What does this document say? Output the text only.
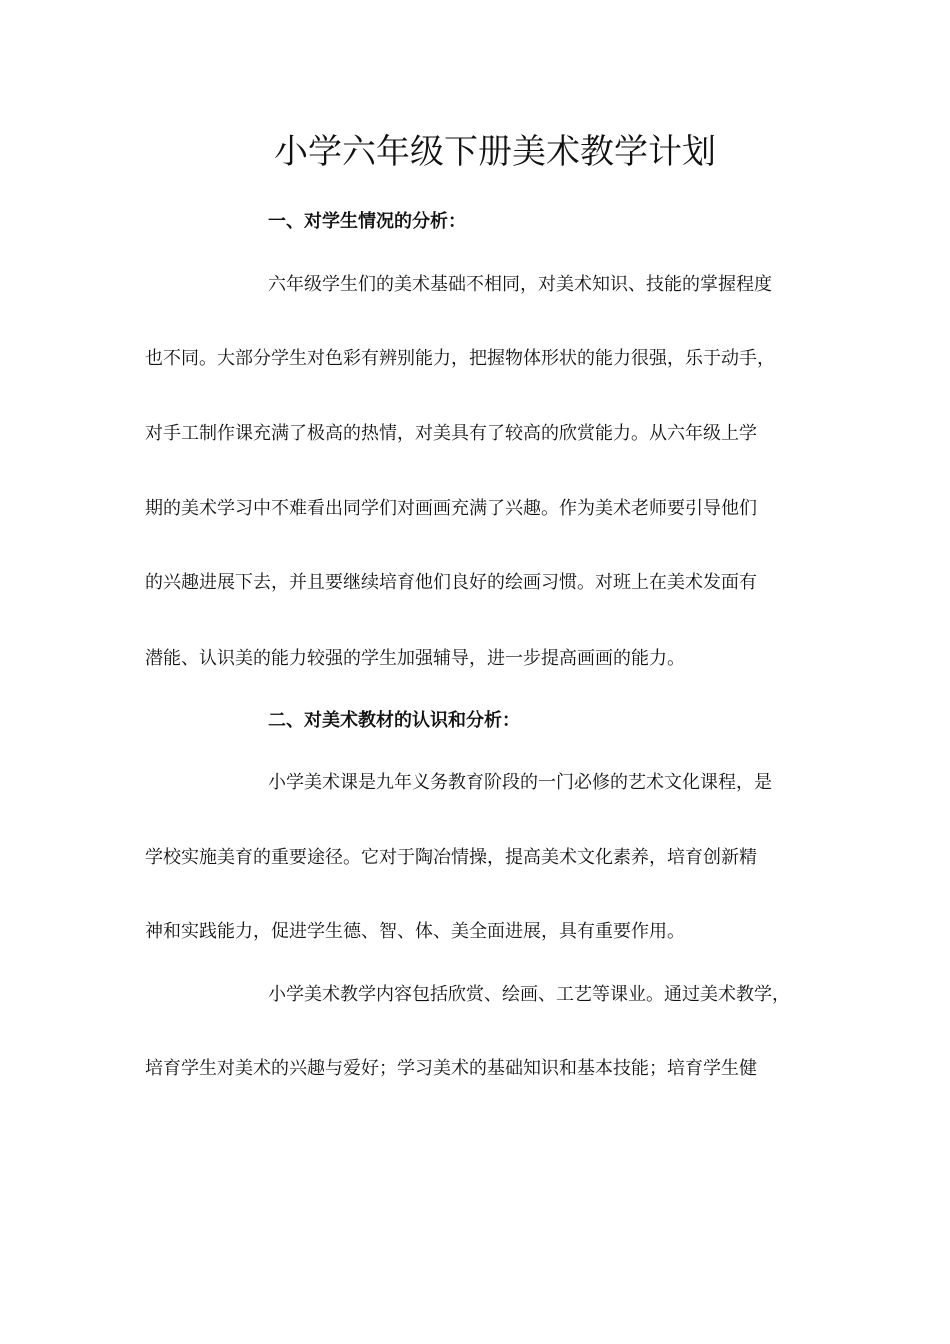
小学六年级下册美术教学计划
一、对学生情况的分析：

六年级学生们的美术基础不相同，对美术知识、技能的掌握程度

也不同。大部分学生对色彩有辨别能力，把握物体形状的能力很强，乐于动手，

对手工制作课充满了极高的热情，对美具有了较高的欣赏能力。从六年级上学

期的美术学习中不难看出同学们对画画充满了兴趣。作为美术老师要引导他们

的兴趣进展下去，并且要继续培育他们良好的绘画习惯。对班上在美术发面有

潜能、认识美的能力较强的学生加强辅导，进一步提高画画的能力。

二、对美术教材的认识和分析：

小学美术课是九年义务教育阶段的一门必修的艺术文化课程，是

学校实施美育的重要途径。它对于陶冶情操，提高美术文化素养，培育创新精

神和实践能力，促进学生德、智、体、美全面进展，具有重要作用。

小学美术教学内容包括欣赏、绘画、工艺等课业。通过美术教学，

培育学生对美术的兴趣与爱好；学习美术的基础知识和基本技能；培育学生健
